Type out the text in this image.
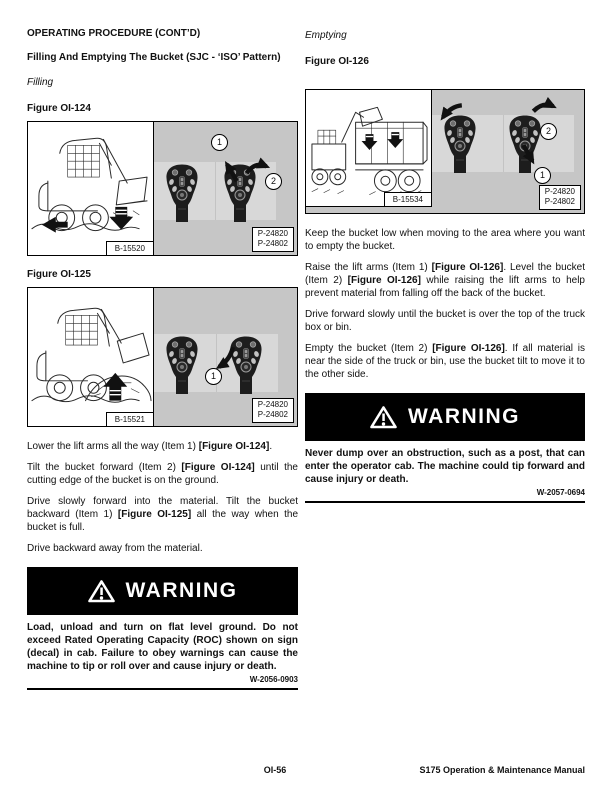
OPERATING PROCEDURE (CONT’D)
Filling And Emptying The Bucket (SJC - ‘ISO’ Pattern)
Filling
Figure OI-124
B-15520
1
2
P-24820
P-24802
Figure OI-125
B-15521
1
P-24820
P-24802

Lower the lift arms all the way (Item 1) [Figure OI-124].

Tilt the bucket forward (Item 2) [Figure OI-124] until the cutting edge of the bucket is on the ground.

Drive slowly forward into the material. Tilt the bucket backward (Item 1) [Figure OI-125] all the way when the bucket is full.

Drive backward away from the material.

WARNING

Load, unload and turn on flat level ground. Do not exceed Rated Operating Capacity (ROC) shown on sign (decal) in cab. Failure to obey warnings can cause the machine to tip or roll over and cause injury or death.

W-2056-0903
Emptying
Figure OI-126
B-15534
2
1
P-24820
P-24802

Keep the bucket low when moving to the area where you want to empty the bucket.

Raise the lift arms (Item 1) [Figure OI-126]. Level the bucket (Item 2) [Figure OI-126] while raising the lift arms to help prevent material from falling off the back of the bucket.

Drive forward slowly until the bucket is over the top of the truck box or bin.

Empty the bucket (Item 2) [Figure OI-126]. If all material is near the side of the truck or bin, use the bucket tilt to move it to the other side.

WARNING

Never dump over an obstruction, such as a post, that can enter the operator cab. The machine could tip forward and cause injury or death.

W-2057-0694
OI-56	S175 Operation & Maintenance Manual
